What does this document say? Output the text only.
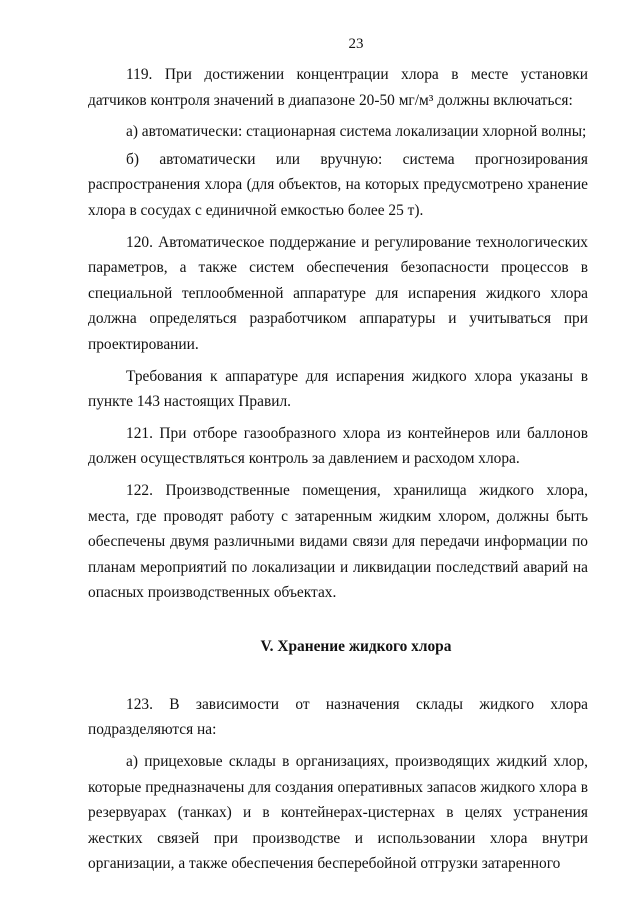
23

119. При достижении концентрации хлора в месте установки датчиков контроля значений в диапазоне 20-50 мг/м³ должны включаться:

а) автоматически: стационарная система локализации хлорной волны;

б) автоматически или вручную: система прогнозирования распространения хлора (для объектов, на которых предусмотрено хранение хлора в сосудах с единичной емкостью более 25 т).

120. Автоматическое поддержание и регулирование технологических параметров, а также систем обеспечения безопасности процессов в специальной теплообменной аппаратуре для испарения жидкого хлора должна определяться разработчиком аппаратуры и учитываться при проектировании.

Требования к аппаратуре для испарения жидкого хлора указаны в пункте 143 настоящих Правил.

121. При отборе газообразного хлора из контейнеров или баллонов должен осуществляться контроль за давлением и расходом хлора.

122. Производственные помещения, хранилища жидкого хлора, места, где проводят работу с затаренным жидким хлором, должны быть обеспечены двумя различными видами связи для передачи информации по планам мероприятий по локализации и ликвидации последствий аварий на опасных производственных объектах.

V. Хранение жидкого хлора

123. В зависимости от назначения склады жидкого хлора подразделяются на:

а) прицеховые склады в организациях, производящих жидкий хлор, которые предназначены для создания оперативных запасов жидкого хлора в резервуарах (танках) и в контейнерах-цистернах в целях устранения жестких связей при производстве и использовании хлора внутри организации, а также обеспечения бесперебойной отгрузки затаренного
